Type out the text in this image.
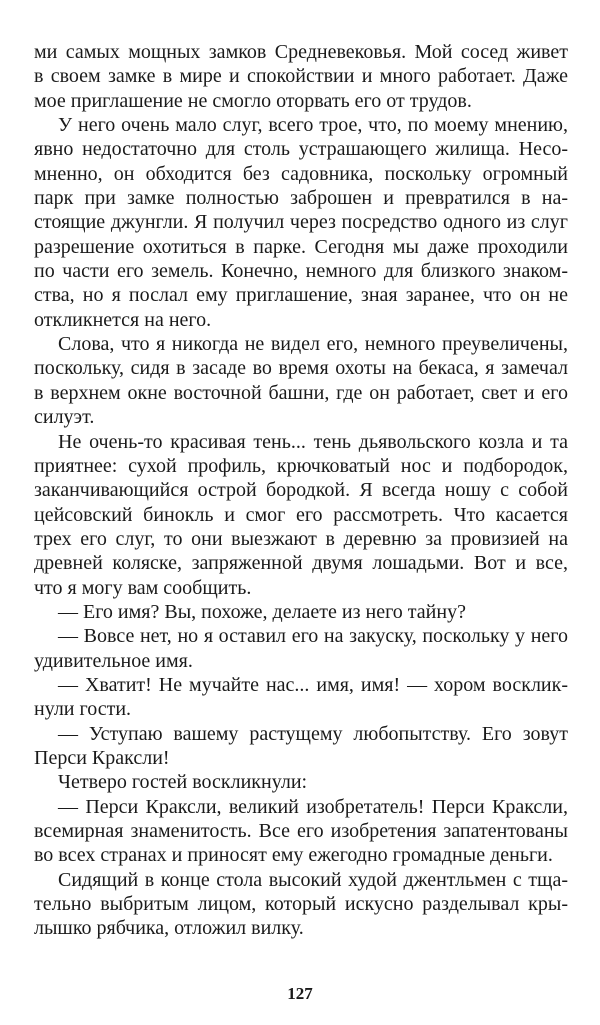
ми самых мощных замков Средневековья. Мой сосед живет
в своем замке в мире и спокойствии и много работает. Даже
мое приглашение не смогло оторвать его от трудов.
У него очень мало слуг, всего трое, что, по моему мнению,
явно недостаточно для столь устрашающего жилища. Несо-
мненно, он обходится без садовника, поскольку огромный
парк при замке полностью заброшен и превратился в на-
стоящие джунгли. Я получил через посредство одного из слуг
разрешение охотиться в парке. Сегодня мы даже проходили
по части его земель. Конечно, немного для близкого знаком-
ства, но я послал ему приглашение, зная заранее, что он не
откликнется на него.
Слова, что я никогда не видел его, немного преувеличены,
поскольку, сидя в засаде во время охоты на бекаса, я замечал
в верхнем окне восточной башни, где он работает, свет и его
силуэт.
Не очень-то красивая тень... тень дьявольского козла и та
приятнее: сухой профиль, крючковатый нос и подбородок,
заканчивающийся острой бородкой. Я всегда ношу с собой
цейсовский бинокль и смог его рассмотреть. Что касается
трех его слуг, то они выезжают в деревню за провизией на
древней коляске, запряженной двумя лошадьми. Вот и все,
что я могу вам сообщить.
— Его имя? Вы, похоже, делаете из него тайну?
— Вовсе нет, но я оставил его на закуску, поскольку у него
удивительное имя.
— Хватит! Не мучайте нас... имя, имя! — хором восклик-
нули гости.
— Уступаю вашему растущему любопытству. Его зовут
Перси Краксли!
Четверо гостей воскликнули:
— Перси Краксли, великий изобретатель! Перси Краксли,
всемирная знаменитость. Все его изобретения запатентованы
во всех странах и приносят ему ежегодно громадные деньги.
Сидящий в конце стола высокий худой джентльмен с тща-
тельно выбритым лицом, который искусно разделывал кры-
лышко рябчика, отложил вилку.
127
